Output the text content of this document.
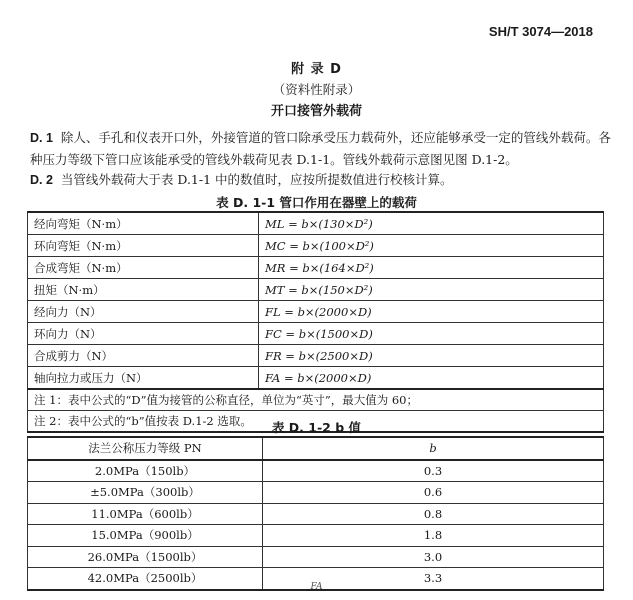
SH/T 3074—2018
附 录 D
（资料性附录）
开口接管外载荷
D. 1 除人、手孔和仪表开口外，外接管道的管口除承受压力载荷外，还应能够承受一定的管线外载荷。各种压力等级下管口应该能承受的管线外载荷见表 D.1-1。管线外载荷示意图见图 D.1-2。
D. 2 当管线外载荷大于表 D.1-1 中的数值时，应按所提数值进行校核计算。
表 D. 1-1 管口作用在器壁上的载荷
经向弯矩（N·m）	ML = b×(130×D²)
环向弯矩（N·m）	MC = b×(100×D²)
合成弯矩（N·m）	MR = b×(164×D²)
扭矩（N·m）	MT = b×(150×D²)
经向力（N）	FL = b×(2000×D)
环向力（N）	FC = b×(1500×D)
合成剪力（N）	FR = b×(2500×D)
轴向拉力或压力（N）	FA = b×(2000×D)
注 1：表中公式的“D”值为接管的公称直径，单位为“英寸”，最大值为 60；	
注 2：表中公式的“b”值按表 D.1-2 选取。		表 D. 1-2 b 值
法兰公称压力等级 PN	b
2.0MPa（150lb）	0.3
±5.0MPa（300lb）	0.6
11.0MPa（600lb）	0.8
15.0MPa（900lb）	1.8
26.0MPa（1500lb）	3.0
42.0MPa（2500lb）	3.3
FA
